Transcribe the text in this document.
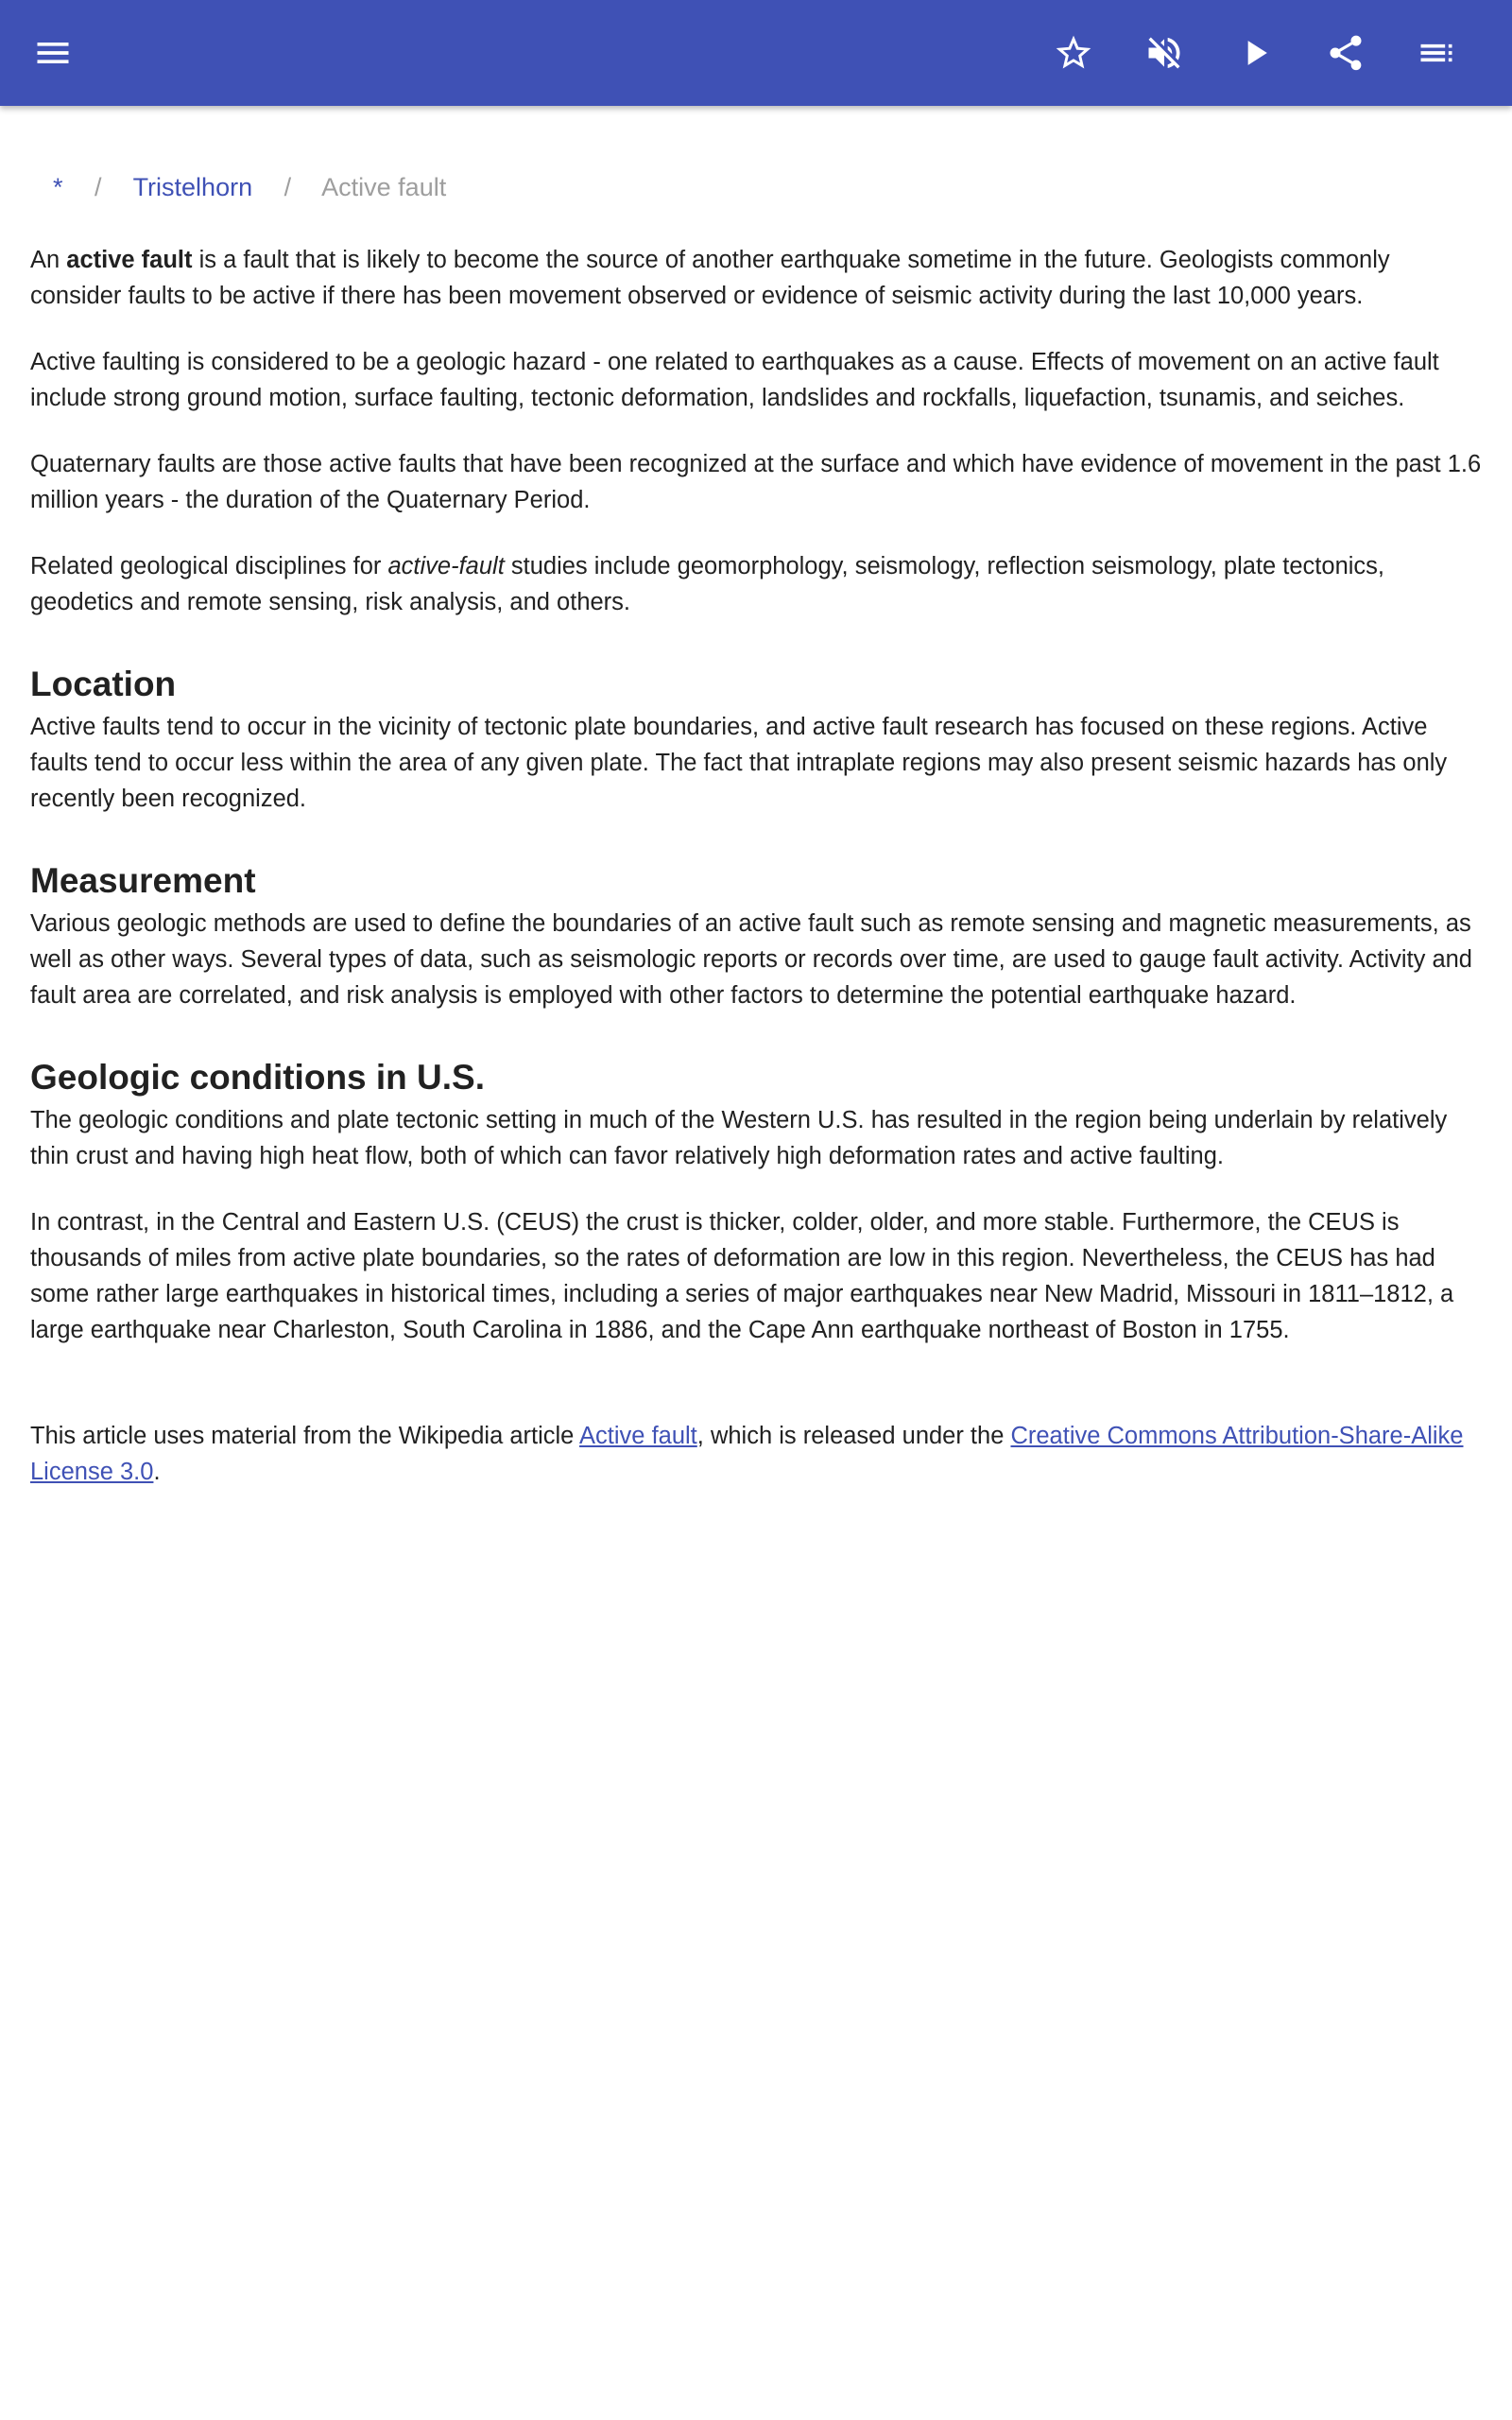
* / Tristelhorn / Active fault

An active fault is a fault that is likely to become the source of another earthquake sometime in the future. Geologists commonly consider faults to be active if there has been movement observed or evidence of seismic activity during the last 10,000 years.

Active faulting is considered to be a geologic hazard - one related to earthquakes as a cause. Effects of movement on an active fault include strong ground motion, surface faulting, tectonic deformation, landslides and rockfalls, liquefaction, tsunamis, and seiches.

Quaternary faults are those active faults that have been recognized at the surface and which have evidence of movement in the past 1.6 million years - the duration of the Quaternary Period.

Related geological disciplines for active-fault studies include geomorphology, seismology, reflection seismology, plate tectonics, geodetics and remote sensing, risk analysis, and others.

Location

Active faults tend to occur in the vicinity of tectonic plate boundaries, and active fault research has focused on these regions. Active faults tend to occur less within the area of any given plate. The fact that intraplate regions may also present seismic hazards has only recently been recognized.

Measurement

Various geologic methods are used to define the boundaries of an active fault such as remote sensing and magnetic measurements, as well as other ways. Several types of data, such as seismologic reports or records over time, are used to gauge fault activity. Activity and fault area are correlated, and risk analysis is employed with other factors to determine the potential earthquake hazard.

Geologic conditions in U.S.

The geologic conditions and plate tectonic setting in much of the Western U.S. has resulted in the region being underlain by relatively thin crust and having high heat flow, both of which can favor relatively high deformation rates and active faulting.

In contrast, in the Central and Eastern U.S. (CEUS) the crust is thicker, colder, older, and more stable. Furthermore, the CEUS is thousands of miles from active plate boundaries, so the rates of deformation are low in this region. Nevertheless, the CEUS has had some rather large earthquakes in historical times, including a series of major earthquakes near New Madrid, Missouri in 1811–1812, a large earthquake near Charleston, South Carolina in 1886, and the Cape Ann earthquake northeast of Boston in 1755.

This article uses material from the Wikipedia article Active fault, which is released under the Creative Commons Attribution-Share-Alike License 3.0.
